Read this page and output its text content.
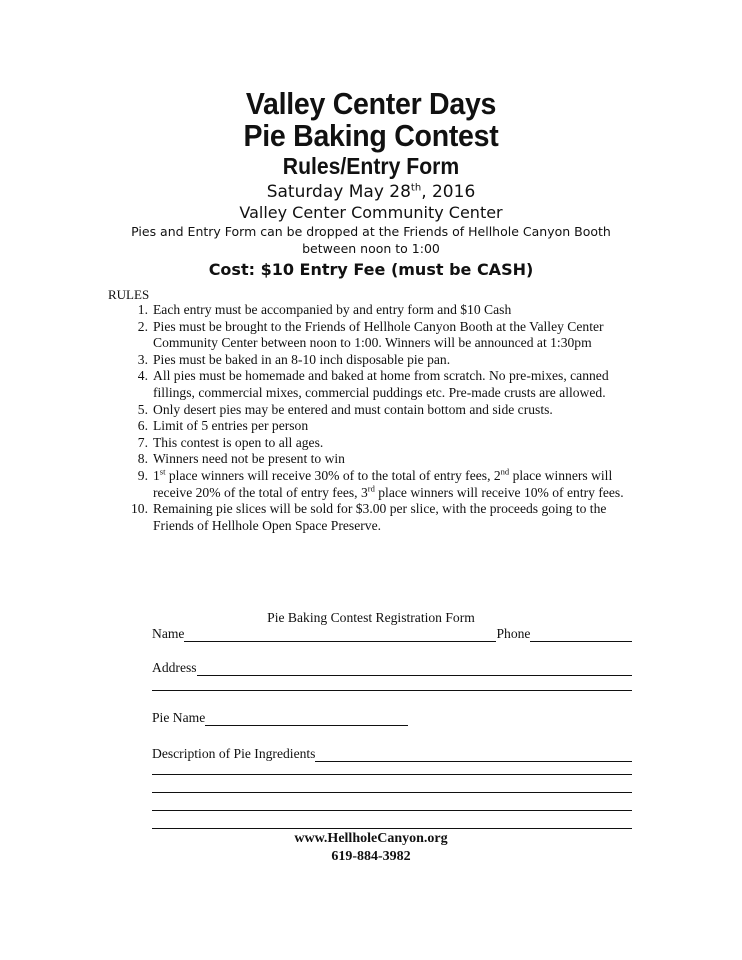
Valley Center Days
Pie Baking Contest
Rules/Entry Form
Saturday May 28th, 2016
Valley Center Community Center
Pies and Entry Form can be dropped at the Friends of Hellhole Canyon Booth
between noon to 1:00
Cost: $10 Entry Fee (must be CASH)
RULES
1. Each entry must be accompanied by and entry form and $10 Cash
2. Pies must be brought to the Friends of Hellhole Canyon Booth at the Valley Center Community Center between noon to 1:00. Winners will be announced at 1:30pm
3. Pies must be baked in an 8-10 inch disposable pie pan.
4. All pies must be homemade and baked at home from scratch. No pre-mixes, canned fillings, commercial mixes, commercial puddings etc. Pre-made crusts are allowed.
5. Only desert pies may be entered and must contain bottom and side crusts.
6. Limit of 5 entries per person
7. This contest is open to all ages.
8. Winners need not be present to win
9. 1st place winners will receive 30% of to the total of entry fees, 2nd place winners will receive 20% of the total of entry fees, 3rd place winners will receive 10% of entry fees.
10. Remaining pie slices will be sold for $3.00 per slice, with the proceeds going to the Friends of Hellhole Open Space Preserve.
Pie Baking Contest Registration Form
Name	Phone
Address
Pie Name
Description of Pie Ingredients
www.HellholeCanyon.org
619-884-3982
